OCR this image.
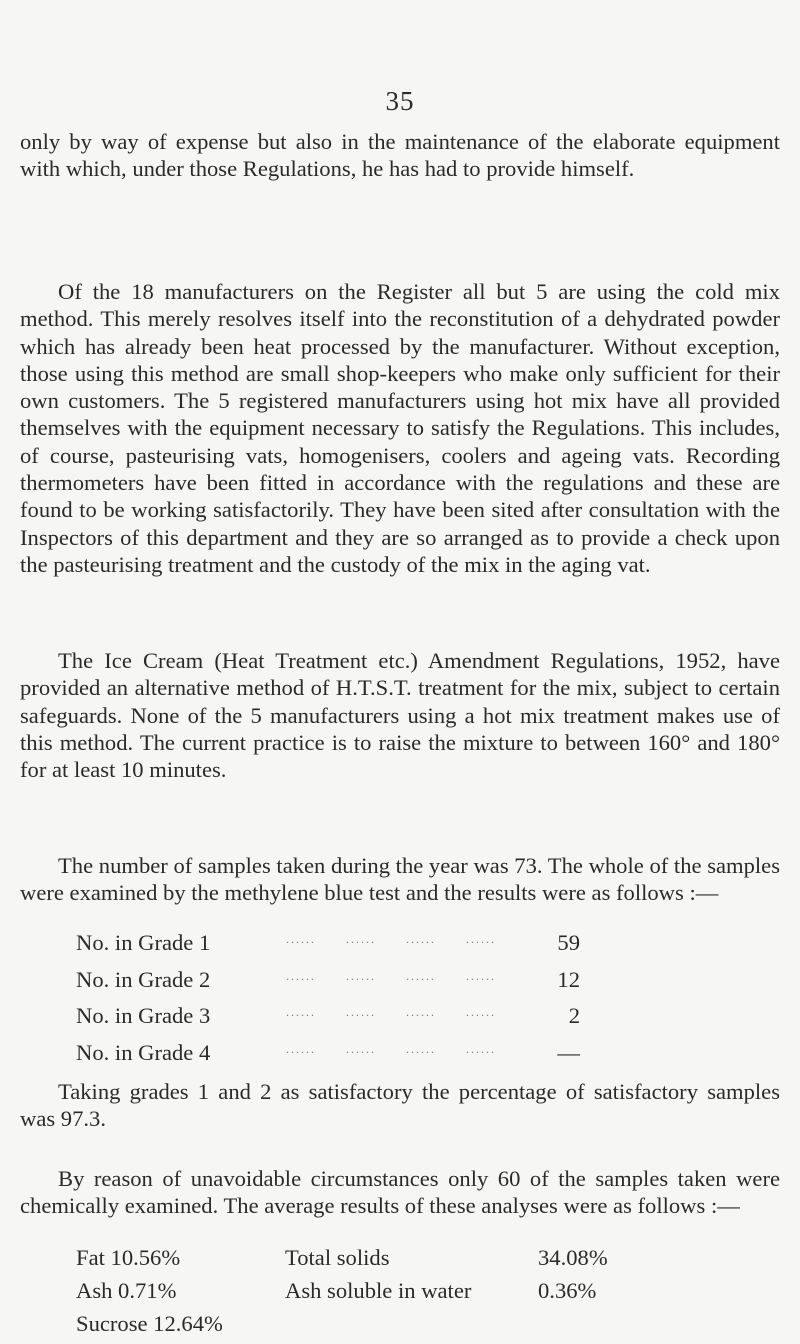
35

only by way of expense but also in the maintenance of the elaborate equipment with which, under those Regulations, he has had to provide himself.

Of the 18 manufacturers on the Register all but 5 are using the cold mix method. This merely resolves itself into the reconstitution of a dehydrated powder which has already been heat processed by the manufacturer. Without exception, those using this method are small shop-keepers who make only sufficient for their own customers. The 5 registered manufacturers using hot mix have all provided themselves with the equipment necessary to satisfy the Regulations. This includes, of course, pasteurising vats, homogenisers, coolers and ageing vats. Recording thermometers have been fitted in accordance with the regulations and these are found to be working satisfactorily. They have been sited after consultation with the Inspectors of this department and they are so arranged as to provide a check upon the pasteurising treatment and the custody of the mix in the aging vat.

The Ice Cream (Heat Treatment etc.) Amendment Regulations, 1952, have provided an alternative method of H.T.S.T. treatment for the mix, subject to certain safeguards. None of the 5 manufacturers using a hot mix treatment makes use of this method. The current practice is to raise the mixture to between 160° and 180° for at least 10 minutes.

The number of samples taken during the year was 73. The whole of the samples were examined by the methylene blue test and the results were as follows :—

No. in Grade 1	......      ......      ......      ......	59
No. in Grade 2	......      ......      ......      ......	12
No. in Grade 3	......      ......      ......      ......	2
No. in Grade 4	......      ......      ......      ......	—

Taking grades 1 and 2 as satisfactory the percentage of satisfactory samples was 97.3.

By reason of unavoidable circumstances only 60 of the samples taken were chemically examined. The average results of these analyses were as follows :—

Fat 10.56%	Total solids	34.08%
Ash 0.71%	Ash soluble in water	0.36%
Sucrose 12.64%
